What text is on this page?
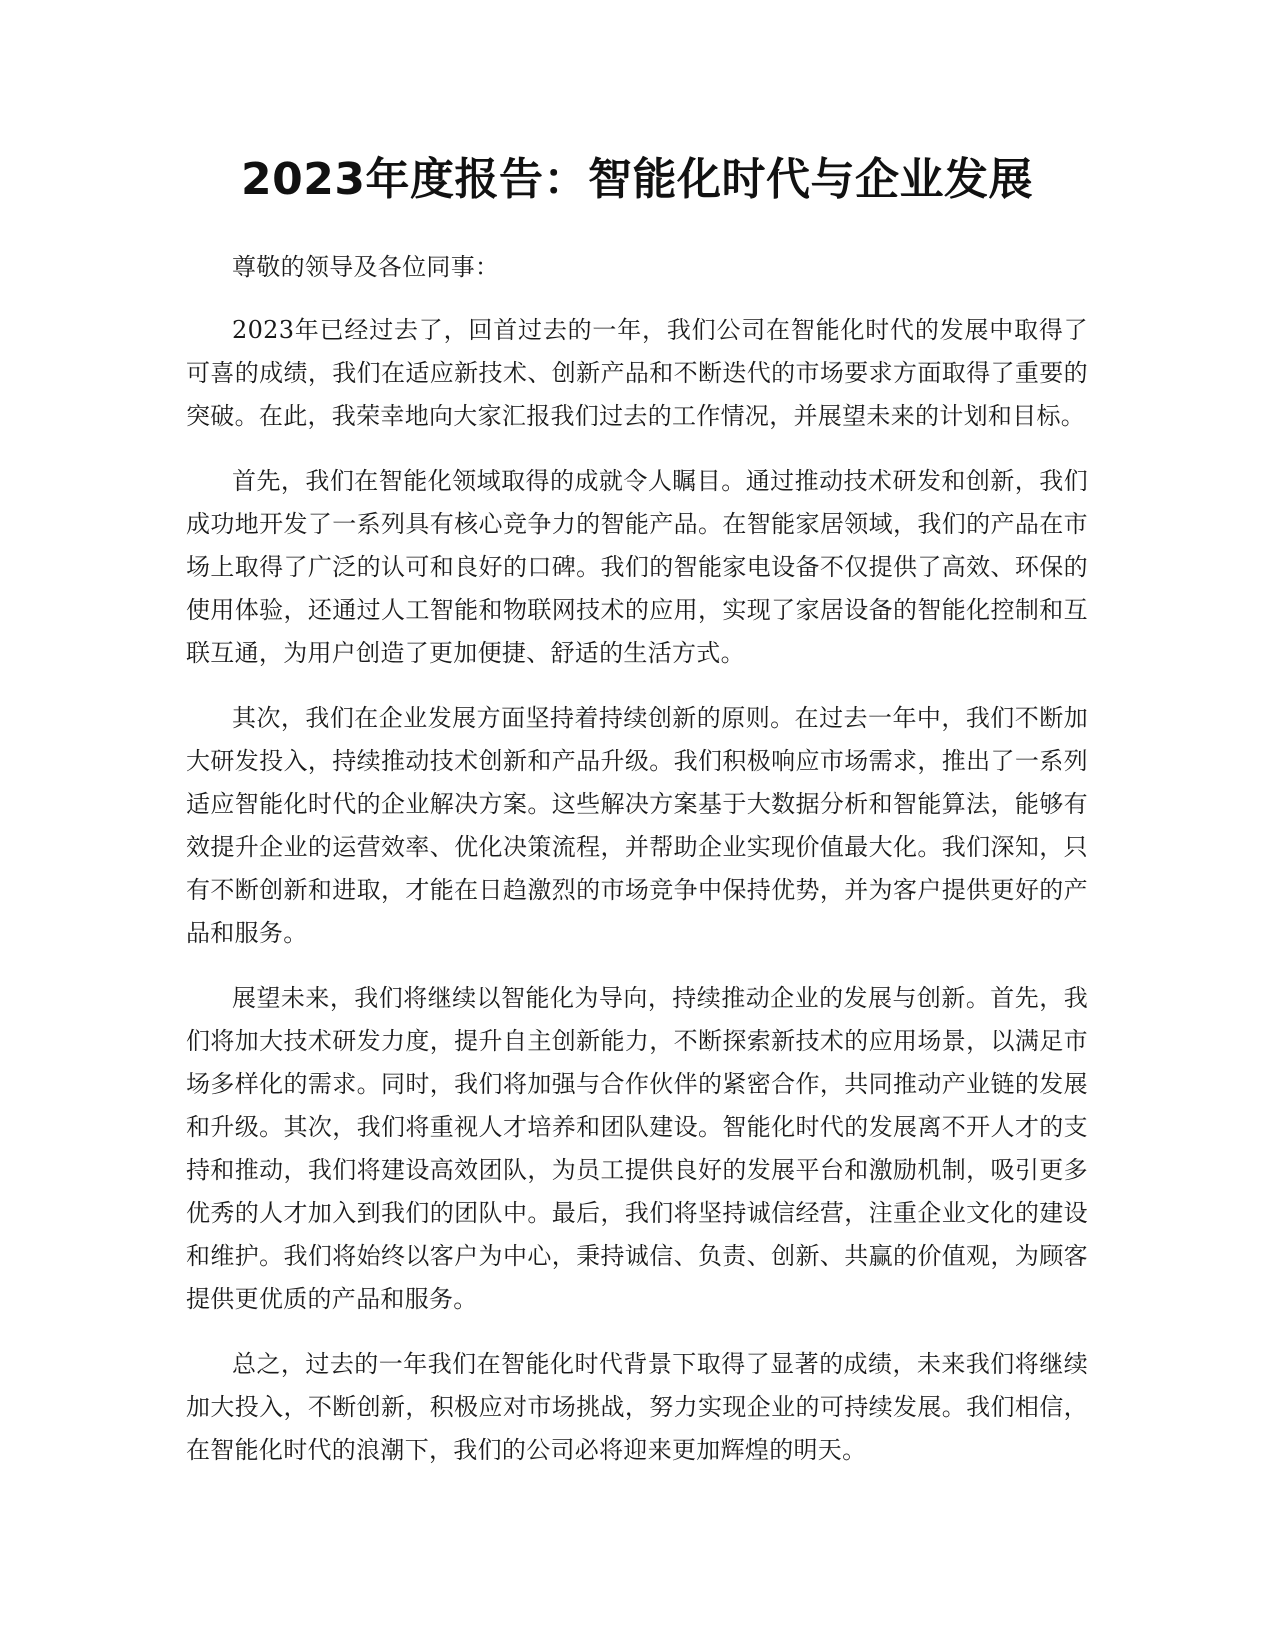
2023年度报告：智能化时代与企业发展

尊敬的领导及各位同事：

2023年已经过去了，回首过去的一年，我们公司在智能化时代的发展中取得了可喜的成绩，我们在适应新技术、创新产品和不断迭代的市场要求方面取得了重要的突破。在此，我荣幸地向大家汇报我们过去的工作情况，并展望未来的计划和目标。

首先，我们在智能化领域取得的成就令人瞩目。通过推动技术研发和创新，我们成功地开发了一系列具有核心竞争力的智能产品。在智能家居领域，我们的产品在市场上取得了广泛的认可和良好的口碑。我们的智能家电设备不仅提供了高效、环保的使用体验，还通过人工智能和物联网技术的应用，实现了家居设备的智能化控制和互联互通，为用户创造了更加便捷、舒适的生活方式。

其次，我们在企业发展方面坚持着持续创新的原则。在过去一年中，我们不断加大研发投入，持续推动技术创新和产品升级。我们积极响应市场需求，推出了一系列适应智能化时代的企业解决方案。这些解决方案基于大数据分析和智能算法，能够有效提升企业的运营效率、优化决策流程，并帮助企业实现价值最大化。我们深知，只有不断创新和进取，才能在日趋激烈的市场竞争中保持优势，并为客户提供更好的产品和服务。

展望未来，我们将继续以智能化为导向，持续推动企业的发展与创新。首先，我们将加大技术研发力度，提升自主创新能力，不断探索新技术的应用场景，以满足市场多样化的需求。同时，我们将加强与合作伙伴的紧密合作，共同推动产业链的发展和升级。其次，我们将重视人才培养和团队建设。智能化时代的发展离不开人才的支持和推动，我们将建设高效团队，为员工提供良好的发展平台和激励机制，吸引更多优秀的人才加入到我们的团队中。最后，我们将坚持诚信经营，注重企业文化的建设和维护。我们将始终以客户为中心，秉持诚信、负责、创新、共赢的价值观，为顾客提供更优质的产品和服务。

总之，过去的一年我们在智能化时代背景下取得了显著的成绩，未来我们将继续加大投入，不断创新，积极应对市场挑战，努力实现企业的可持续发展。我们相信，在智能化时代的浪潮下，我们的公司必将迎来更加辉煌的明天。
